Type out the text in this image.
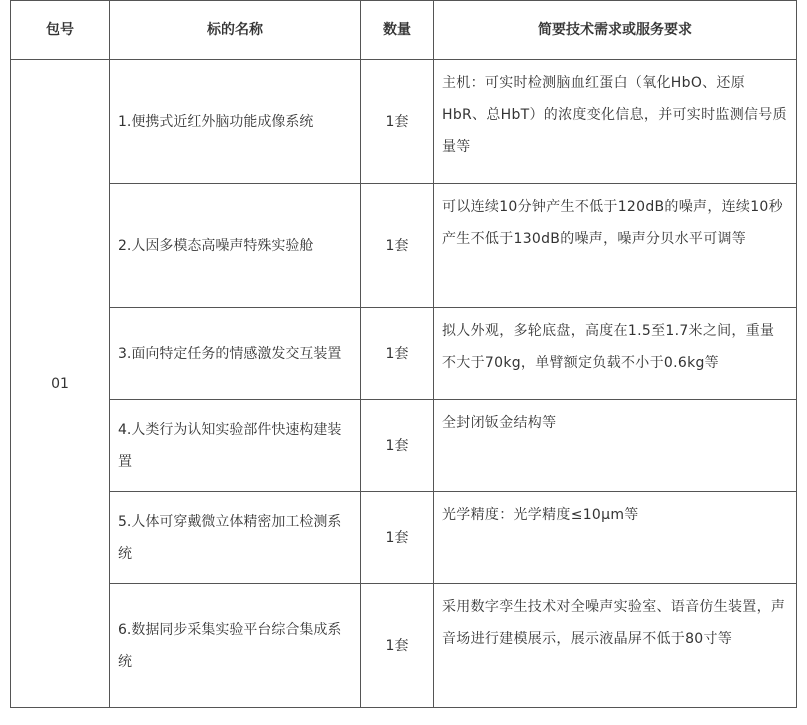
包号	标的名称	数量	简要技术需求或服务要求
01	1.便携式近红外脑功能成像系统	1套	主机：可实时检测脑血红蛋白（氧化HbO、还原HbR、总HbT）的浓度变化信息，并可实时监测信号质量等
	2.人因多模态高噪声特殊实验舱	1套	可以连续10分钟产生不低于120dB的噪声，连续10秒产生不低于130dB的噪声，噪声分贝水平可调等
	3.面向特定任务的情感激发交互装置	1套	拟人外观，多轮底盘，高度在1.5至1.7米之间，重量不大于70kg，单臂额定负载不小于0.6kg等
	4.人类行为认知实验部件快速构建装置	1套	全封闭钣金结构等
	5.人体可穿戴微立体精密加工检测系统	1套	光学精度：光学精度≤10μm等
	6.数据同步采集实验平台综合集成系统	1套	采用数字孪生技术对全噪声实验室、语音仿生装置，声音场进行建模展示，展示液晶屏不低于80寸等
